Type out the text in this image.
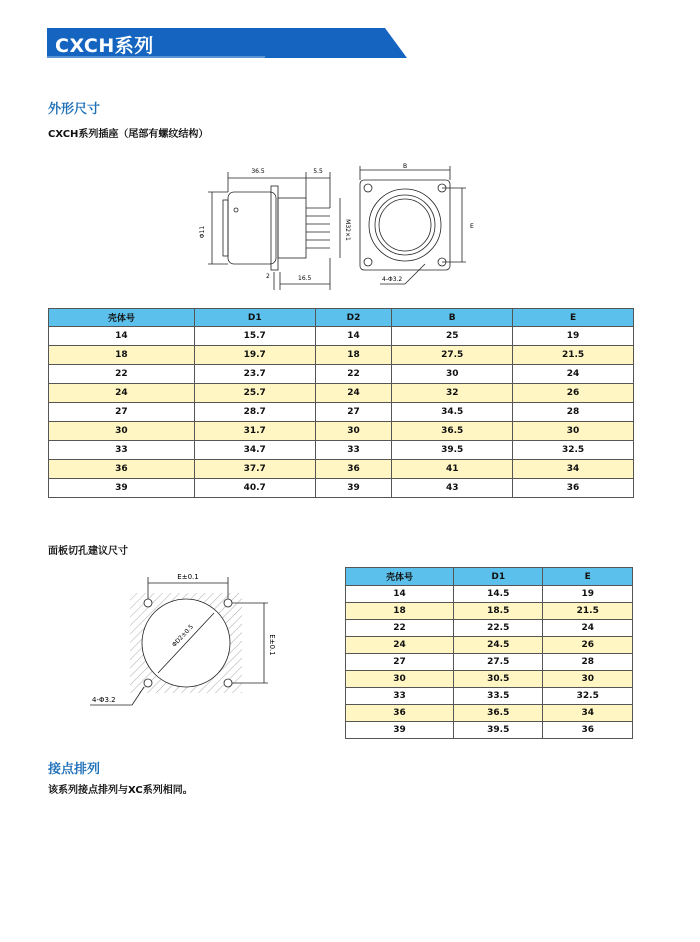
CXCH系列
外形尺寸
CXCH系列插座（尾部有螺纹结构）
36.5	5.5
Φ11	M32×1
2	16.5
B
E
4-Φ3.2
壳体号	D1	D2	B	E
14	15.7	14	25	19
18	19.7	18	27.5	21.5
22	23.7	22	30	24
24	25.7	24	32	26
27	28.7	27	34.5	28
30	31.7	30	36.5	30
33	34.7	33	39.5	32.5
36	37.7	36	41	34
39	40.7	39	43	36
面板切孔建议尺寸
E±0.1
E±0.1
ΦD2±0.5
4-Φ3.2
壳体号	D1	E
14	14.5	19
18	18.5	21.5
22	22.5	24
24	24.5	26
27	27.5	28
30	30.5	30
33	33.5	32.5
36	36.5	34
39	39.5	36
接点排列
该系列接点排列与XC系列相同。
